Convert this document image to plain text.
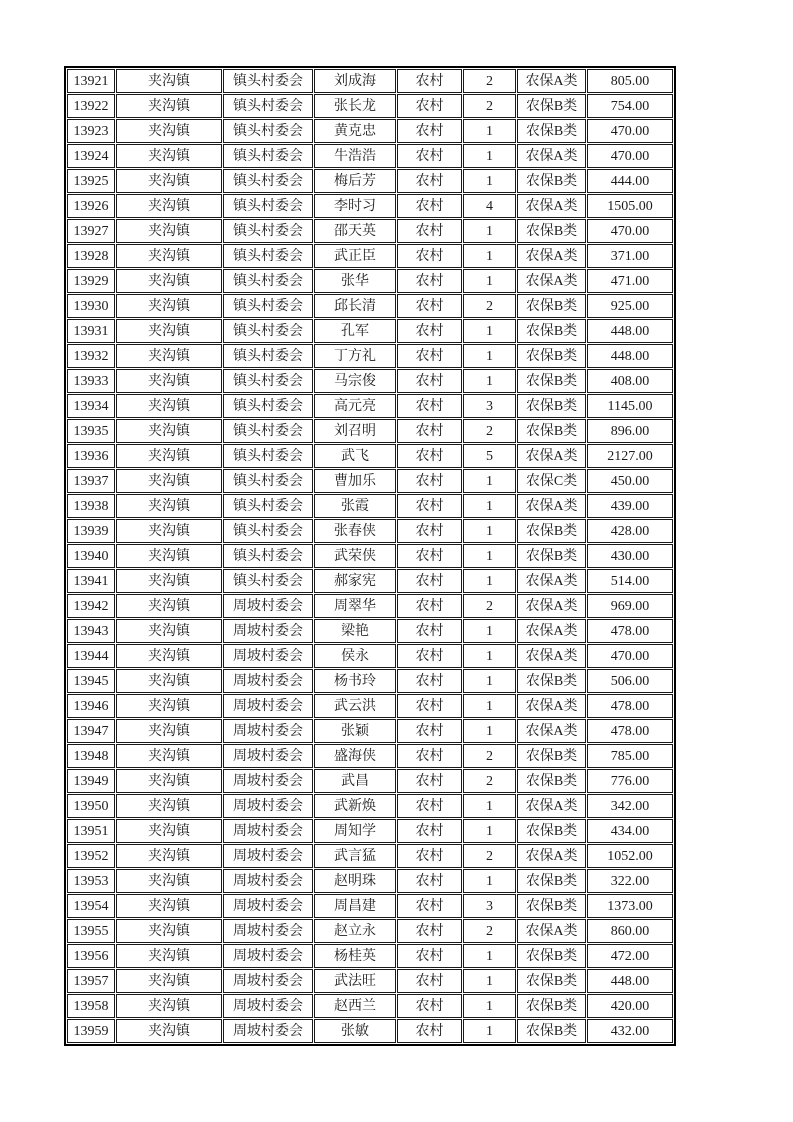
13921	夹沟镇	镇头村委会	刘成海	农村	2	农保A类	805.00
13922	夹沟镇	镇头村委会	张长龙	农村	2	农保B类	754.00
13923	夹沟镇	镇头村委会	黄克忠	农村	1	农保B类	470.00
13924	夹沟镇	镇头村委会	牛浩浩	农村	1	农保A类	470.00
13925	夹沟镇	镇头村委会	梅后芳	农村	1	农保B类	444.00
13926	夹沟镇	镇头村委会	李时习	农村	4	农保A类	1505.00
13927	夹沟镇	镇头村委会	邵天英	农村	1	农保B类	470.00
13928	夹沟镇	镇头村委会	武正臣	农村	1	农保A类	371.00
13929	夹沟镇	镇头村委会	张华	农村	1	农保A类	471.00
13930	夹沟镇	镇头村委会	邱长清	农村	2	农保B类	925.00
13931	夹沟镇	镇头村委会	孔军	农村	1	农保B类	448.00
13932	夹沟镇	镇头村委会	丁方礼	农村	1	农保B类	448.00
13933	夹沟镇	镇头村委会	马宗俊	农村	1	农保B类	408.00
13934	夹沟镇	镇头村委会	高元亮	农村	3	农保B类	1145.00
13935	夹沟镇	镇头村委会	刘召明	农村	2	农保B类	896.00
13936	夹沟镇	镇头村委会	武飞	农村	5	农保A类	2127.00
13937	夹沟镇	镇头村委会	曹加乐	农村	1	农保C类	450.00
13938	夹沟镇	镇头村委会	张霞	农村	1	农保A类	439.00
13939	夹沟镇	镇头村委会	张春侠	农村	1	农保B类	428.00
13940	夹沟镇	镇头村委会	武荣侠	农村	1	农保B类	430.00
13941	夹沟镇	镇头村委会	郝家宪	农村	1	农保A类	514.00
13942	夹沟镇	周坡村委会	周翠华	农村	2	农保A类	969.00
13943	夹沟镇	周坡村委会	梁艳	农村	1	农保A类	478.00
13944	夹沟镇	周坡村委会	侯永	农村	1	农保A类	470.00
13945	夹沟镇	周坡村委会	杨书玲	农村	1	农保B类	506.00
13946	夹沟镇	周坡村委会	武云洪	农村	1	农保A类	478.00
13947	夹沟镇	周坡村委会	张颖	农村	1	农保A类	478.00
13948	夹沟镇	周坡村委会	盛海侠	农村	2	农保B类	785.00
13949	夹沟镇	周坡村委会	武昌	农村	2	农保B类	776.00
13950	夹沟镇	周坡村委会	武新焕	农村	1	农保A类	342.00
13951	夹沟镇	周坡村委会	周知学	农村	1	农保B类	434.00
13952	夹沟镇	周坡村委会	武言猛	农村	2	农保A类	1052.00
13953	夹沟镇	周坡村委会	赵明珠	农村	1	农保B类	322.00
13954	夹沟镇	周坡村委会	周昌建	农村	3	农保B类	1373.00
13955	夹沟镇	周坡村委会	赵立永	农村	2	农保A类	860.00
13956	夹沟镇	周坡村委会	杨桂英	农村	1	农保B类	472.00
13957	夹沟镇	周坡村委会	武法旺	农村	1	农保B类	448.00
13958	夹沟镇	周坡村委会	赵西兰	农村	1	农保B类	420.00
13959	夹沟镇	周坡村委会	张敏	农村	1	农保B类	432.00
